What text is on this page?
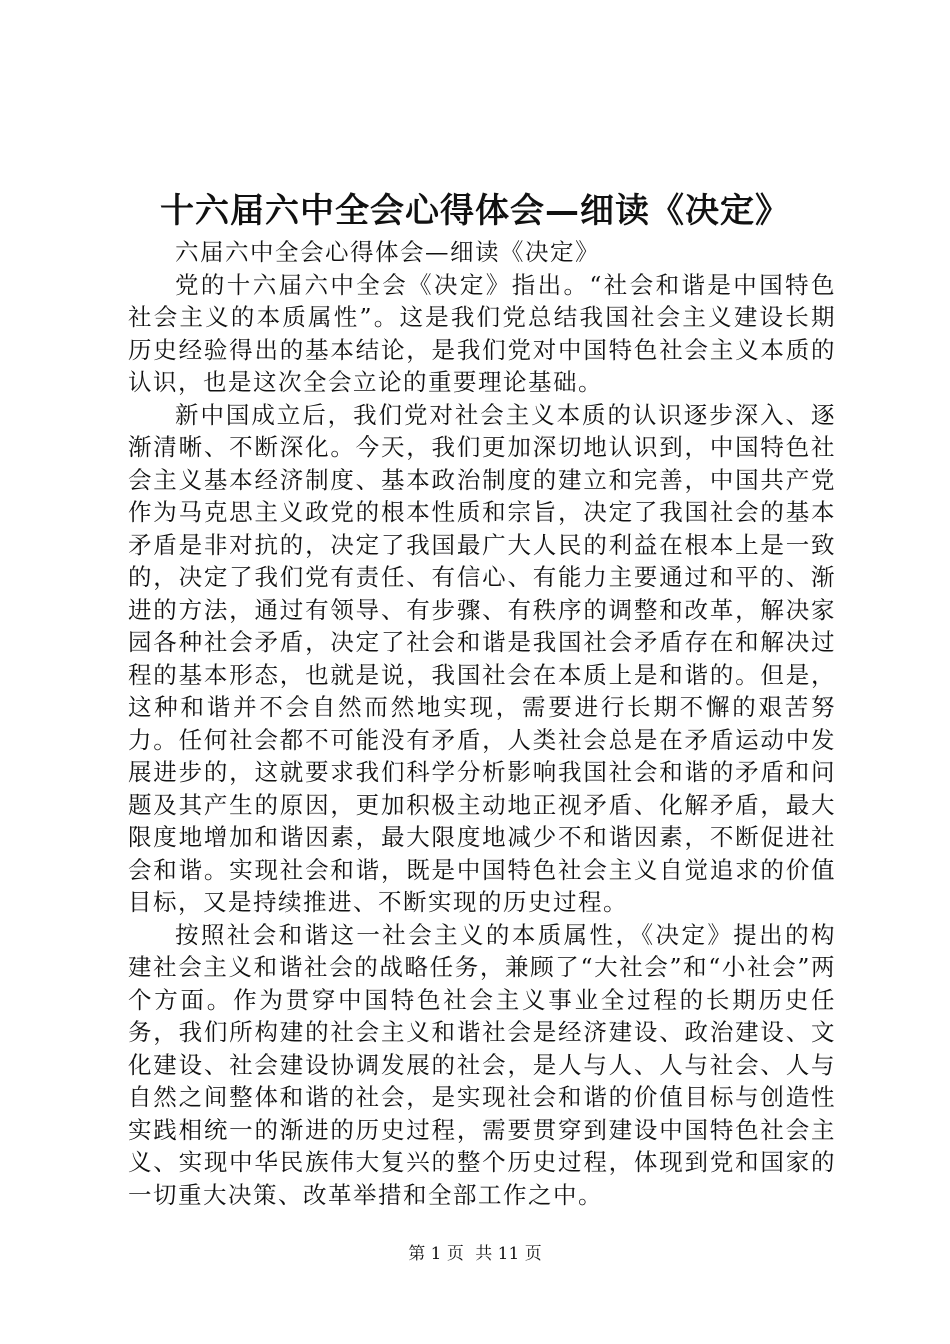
十六届六中全会心得体会—细读《决定》

六届六中全会心得体会—细读《决定》

党的十六届六中全会《决定》指出。“社会和谐是中国特色社会主义的本质属性”。这是我们党总结我国社会主义建设长期历史经验得出的基本结论，是我们党对中国特色社会主义本质的认识，也是这次全会立论的重要理论基础。

新中国成立后，我们党对社会主义本质的认识逐步深入、逐渐清晰、不断深化。今天，我们更加深切地认识到，中国特色社会主义基本经济制度、基本政治制度的建立和完善，中国共产党作为马克思主义政党的根本性质和宗旨，决定了我国社会的基本矛盾是非对抗的，决定了我国最广大人民的利益在根本上是一致的，决定了我们党有责任、有信心、有能力主要通过和平的、渐进的方法，通过有领导、有步骤、有秩序的调整和改革，解决家园各种社会矛盾，决定了社会和谐是我国社会矛盾存在和解决过程的基本形态，也就是说，我国社会在本质上是和谐的。但是，这种和谐并不会自然而然地实现，需要进行长期不懈的艰苦努力。任何社会都不可能没有矛盾，人类社会总是在矛盾运动中发展进步的，这就要求我们科学分析影响我国社会和谐的矛盾和问题及其产生的原因，更加积极主动地正视矛盾、化解矛盾，最大限度地增加和谐因素，最大限度地减少不和谐因素，不断促进社会和谐。实现社会和谐，既是中国特色社会主义自觉追求的价值目标，又是持续推进、不断实现的历史过程。

按照社会和谐这一社会主义的本质属性，《决定》提出的构建社会主义和谐社会的战略任务，兼顾了“大社会”和“小社会”两个方面。作为贯穿中国特色社会主义事业全过程的长期历史任务，我们所构建的社会主义和谐社会是经济建设、政治建设、文化建设、社会建设协调发展的社会，是人与人、人与社会、人与自然之间整体和谐的社会，是实现社会和谐的价值目标与创造性实践相统一的渐进的历史过程，需要贯穿到建设中国特色社会主义、实现中华民族伟大复兴的整个历史过程，体现到党和国家的一切重大决策、改革举措和全部工作之中。

第 1 页 共 11 页
